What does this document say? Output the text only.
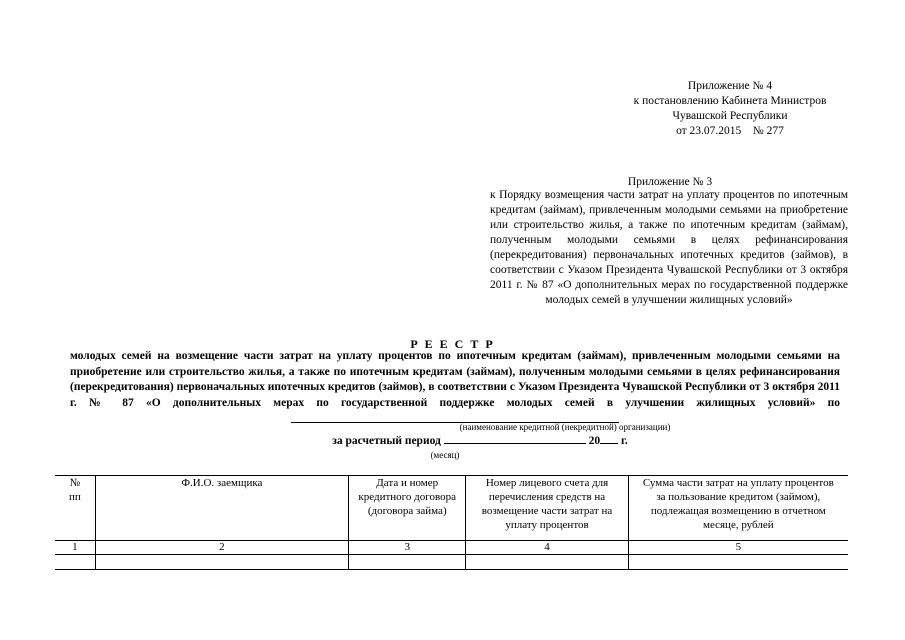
Приложение № 4
к постановлению Кабинета Министров
Чувашской Республики
от 23.07.2015    № 277
Приложение № 3
к Порядку возмещения части затрат на уплату процентов по ипотечным кредитам (займам), привлеченным молодыми семьями на приобретение или строительство жилья, а также по ипотечным кредитам (займам), полученным молодыми семьями в целях рефинансирования (перекредитования) первоначальных ипотечных кредитов (займов), в соответствии с Указом Президента Чувашской Республики от 3 октября 2011 г. № 87 «О дополнительных мерах по государственной поддержке молодых семей в улучшении жилищных условий»
Р Е Е С Т Р
молодых семей на возмещение части затрат на уплату процентов по ипотечным кредитам (займам), привлеченным молодыми семьями на приобретение или строительство жилья, а также по ипотечным кредитам (займам), полученным молодыми семьями в целях рефинансирования (перекредитования) первоначальных ипотечных кредитов (займов), в соответствии с Указом Президента Чувашской Республики от 3 октября 2011 г. № 87 «О дополнительных мерах по государственной поддержке молодых семей в улучшении жилищных условий» по
(наименование кредитной (некредитной) организации)
за расчетный период	20 г.
(месяц)
№ пп	Ф.И.О. заемщика	Дата и номер кредитного договора (договора займа)	Номер лицевого счета для перечисления средств на возмещение части затрат на уплату процентов	Сумма части затрат на уплату процентов за пользование кредитом (займом), подлежащая возмещению в отчетном месяце, рублей
1	2	3	4	5
